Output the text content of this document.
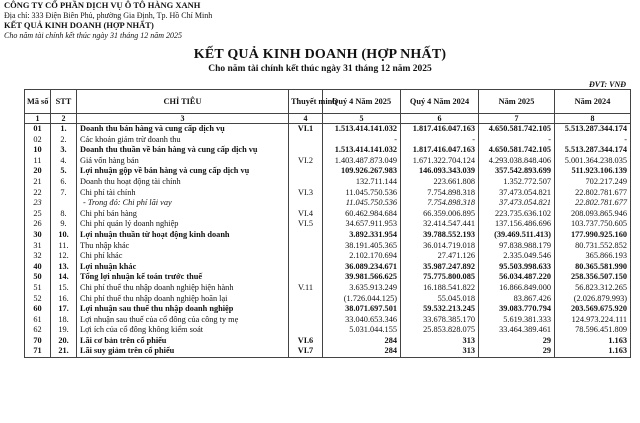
CÔNG TY CỔ PHẦN DỊCH VỤ Ô TÔ HÀNG XANH
Địa chỉ: 333 Điện Biên Phủ, phường Gia Định, Tp. Hồ Chí Minh
KẾT QUẢ KINH DOANH (HỢP NHẤT)
Cho năm tài chính kết thúc ngày 31 tháng 12 năm 2025
KẾT QUẢ KINH DOANH (HỢP NHẤT)
Cho năm tài chính kết thúc ngày 31 tháng 12 năm 2025
ĐVT: VNĐ
Mã số	STT	CHỈ TIÊU	Thuyết minh	Quý 4 Năm 2025	Quý 4 Năm 2024	Năm 2025	Năm 2024
1	2	3	4	5	6	7	8
01	1.	Doanh thu bán hàng và cung cấp dịch vụ	VI.1	1.513.414.141.032	1.817.416.047.163	4.650.581.742.105	5.513.287.344.174
02	2.	Các khoản giảm trừ doanh thu		-	-	-	-
10	3.	Doanh thu thuần về bán hàng và cung cấp dịch vụ		1.513.414.141.032	1.817.416.047.163	4.650.581.742.105	5.513.287.344.174
11	4.	Giá vốn hàng bán	VI.2	1.403.487.873.049	1.671.322.704.124	4.293.038.848.406	5.001.364.238.035
20	5.	Lợi nhuận gộp về bán hàng và cung cấp dịch vụ		109.926.267.983	146.093.343.039	357.542.893.699	511.923.106.139
21	6.	Doanh thu hoạt động tài chính		132.711.144	223.661.808	1.352.772.507	702.217.249
22	7.	Chi phí tài chính	VI.3	11.045.750.536	7.754.898.318	37.473.054.821	22.802.781.677
23		- Trong đó: Chi phí lãi vay		11.045.750.536	7.754.898.318	37.473.054.821	22.802.781.677
25	8.	Chi phí bán hàng	VI.4	60.462.984.684	66.359.006.895	223.735.636.102	208.093.865.946
26	9.	Chi phí quản lý doanh nghiệp	VI.5	34.657.911.953	32.414.547.441	137.156.486.696	103.737.750.605
30	10.	Lợi nhuận thuần từ hoạt động kinh doanh		3.892.331.954	39.788.552.193	(39.469.511.413)	177.990.925.160
31	11.	Thu nhập khác		38.191.405.365	36.014.719.018	97.838.988.179	80.731.552.852
32	12.	Chi phí khác		2.102.170.694	27.471.126	2.335.049.546	365.866.193
40	13.	Lợi nhuận khác		36.089.234.671	35.987.247.892	95.503.998.633	80.365.581.990
50	14.	Tổng lợi nhuận kế toán trước thuế		39.981.566.625	75.775.800.085	56.034.487.220	258.356.507.150
51	15.	Chi phí thuế thu nhập doanh nghiệp hiện hành	V.11	3.635.913.249	16.188.541.822	16.866.849.000	56.823.312.265
52	16.	Chi phí thuế thu nhập doanh nghiệp hoãn lại		(1.726.044.125)	55.045.018	83.867.426	(2.026.879.993)
60	17.	Lợi nhuận sau thuế thu nhập doanh nghiệp		38.071.697.501	59.532.213.245	39.083.770.794	203.569.675.920
61	18.	Lợi nhuận sau thuế của cổ đông của công ty mẹ		33.040.653.346	33.678.385.170	5.619.381.333	124.973.224.111
62	19.	Lợi ích của cổ đông không kiểm soát		5.031.044.155	25.853.828.075	33.464.389.461	78.596.451.809
70	20.	Lãi cơ bản trên cổ phiếu	VI.6	284	313	29	1.163
71	21.	Lãi suy giảm trên cổ phiếu	VI.7	284	313	29	1.163
